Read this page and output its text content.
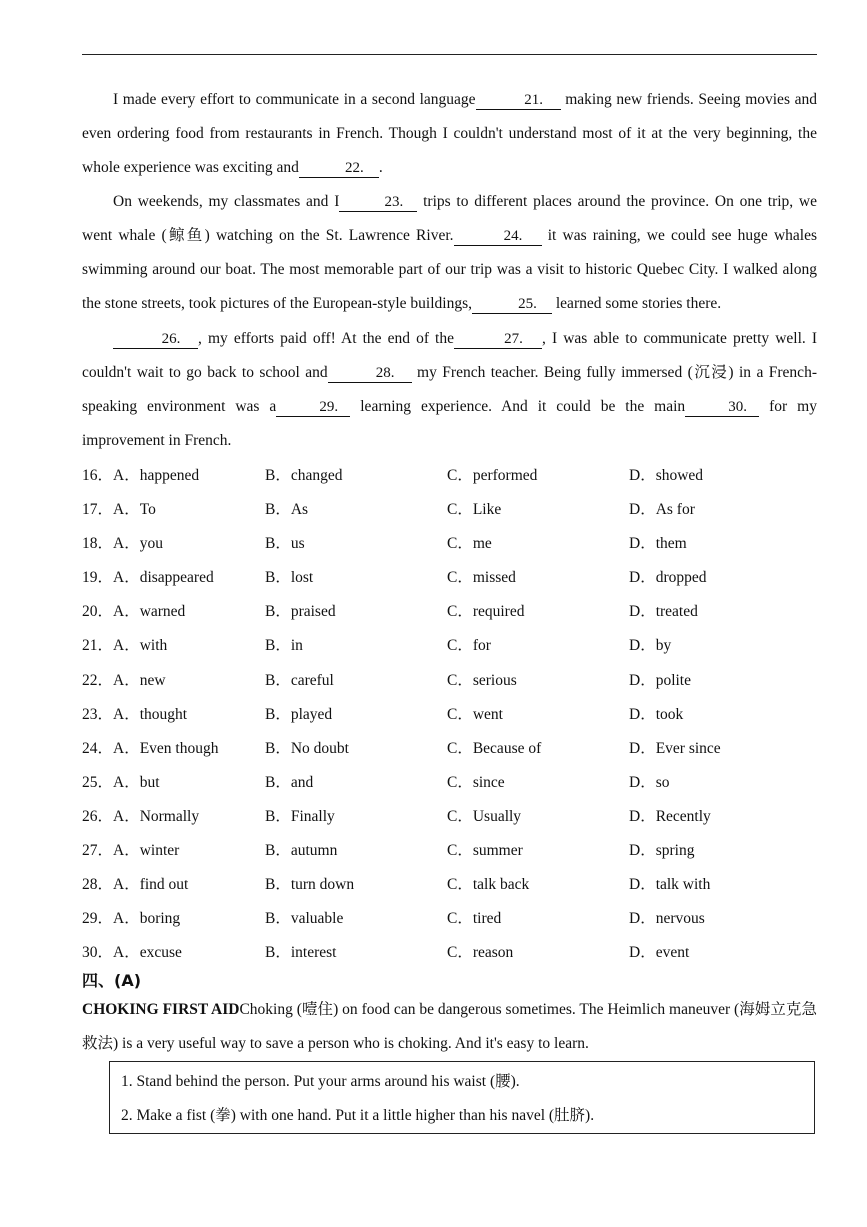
I made every effort to communicate in a second language	21. making new friends. Seeing movies and even ordering food from restaurants in French. Though I couldn't understand most of it at the very beginning, the whole experience was exciting and	22. .

On weekends, my classmates and I	23. trips to different places around the province. On one trip, we went whale (鲸鱼) watching on the St. Lawrence River.	24. it was raining, we could see huge whales swimming around our boat. The most memorable part of our trip was a visit to historic Quebec City. I walked along the stone streets, took pictures of the European-style buildings,	25. learned some stories there.

26. , my efforts paid off! At the end of the	27. , I was able to communicate pretty well. I couldn't wait to go back to school and	28. my French teacher. Being fully immersed (沉浸) in a French-speaking environment was a	29. learning experience. And it could be the main	30. for my improvement in French.

16．A．happened	B．changed	C．performed	D．showed
17．A．To	B．As	C．Like	D．As for
18．A．you	B．us	C．me	D．them
19．A．disappeared	B．lost	C．missed	D．dropped
20．A．warned	B．praised	C．required	D．treated
21．A．with	B．in	C．for	D．by
22．A．new	B．careful	C．serious	D．polite
23．A．thought	B．played	C．went	D．took
24．A．Even though	B．No doubt	C．Because of	D．Ever since
25．A．but	B．and	C．since	D．so
26．A．Normally	B．Finally	C．Usually	D．Recently
27．A．winter	B．autumn	C．summer	D．spring
28．A．find out	B．turn down	C．talk back	D．talk with
29．A．boring	B．valuable	C．tired	D．nervous
30．A．excuse	B．interest	C．reason	D．event
四、(A)

CHOKING FIRST AIDChoking (噎住) on food can be dangerous sometimes. The Heimlich maneuver (海姆立克急救法) is a very useful way to save a person who is choking. And it's easy to learn.

1. Stand behind the person. Put your arms around his waist (腰).
2. Make a fist (拳) with one hand. Put it a little higher than his navel (肚脐).
